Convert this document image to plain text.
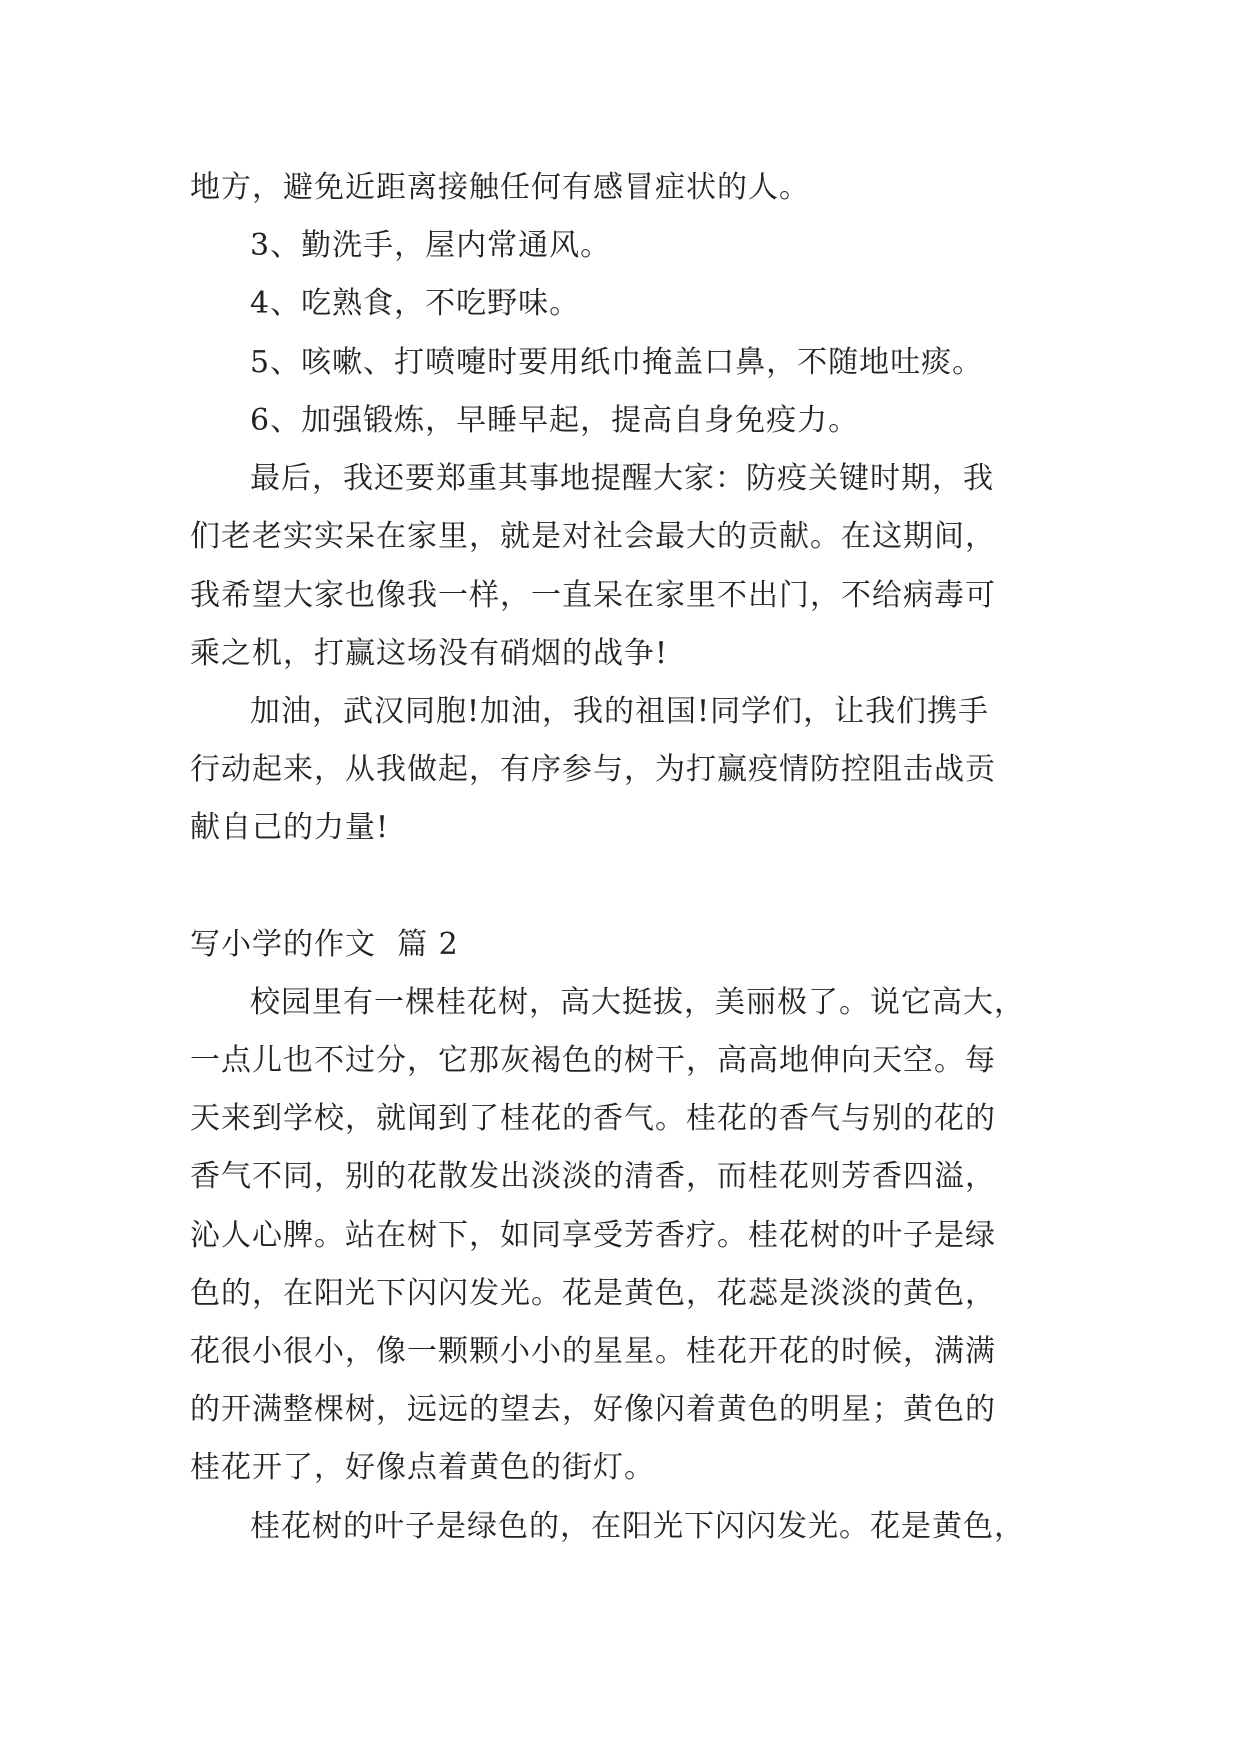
地方，避免近距离接触任何有感冒症状的人。
3、勤洗手，屋内常通风。
4、吃熟食，不吃野味。
5、咳嗽、打喷嚏时要用纸巾掩盖口鼻，不随地吐痰。
6、加强锻炼，早睡早起，提高自身免疫力。
最后，我还要郑重其事地提醒大家：防疫关键时期，我
们老老实实呆在家里，就是对社会最大的贡献。在这期间，
我希望大家也像我一样，一直呆在家里不出门，不给病毒可
乘之机，打赢这场没有硝烟的战争!
加油，武汉同胞!加油，我的祖国!同学们，让我们携手
行动起来，从我做起，有序参与，为打赢疫情防控阻击战贡
献自己的力量!
写小学的作文  篇 2
校园里有一棵桂花树，高大挺拔，美丽极了。说它高大，
一点儿也不过分，它那灰褐色的树干，高高地伸向天空。每
天来到学校，就闻到了桂花的香气。桂花的香气与别的花的
香气不同，别的花散发出淡淡的清香，而桂花则芳香四溢，
沁人心脾。站在树下，如同享受芳香疗。桂花树的叶子是绿
色的，在阳光下闪闪发光。花是黄色，花蕊是淡淡的黄色，
花很小很小，像一颗颗小小的星星。桂花开花的时候，满满
的开满整棵树，远远的望去，好像闪着黄色的明星；黄色的
桂花开了，好像点着黄色的街灯。
桂花树的叶子是绿色的，在阳光下闪闪发光。花是黄色，
